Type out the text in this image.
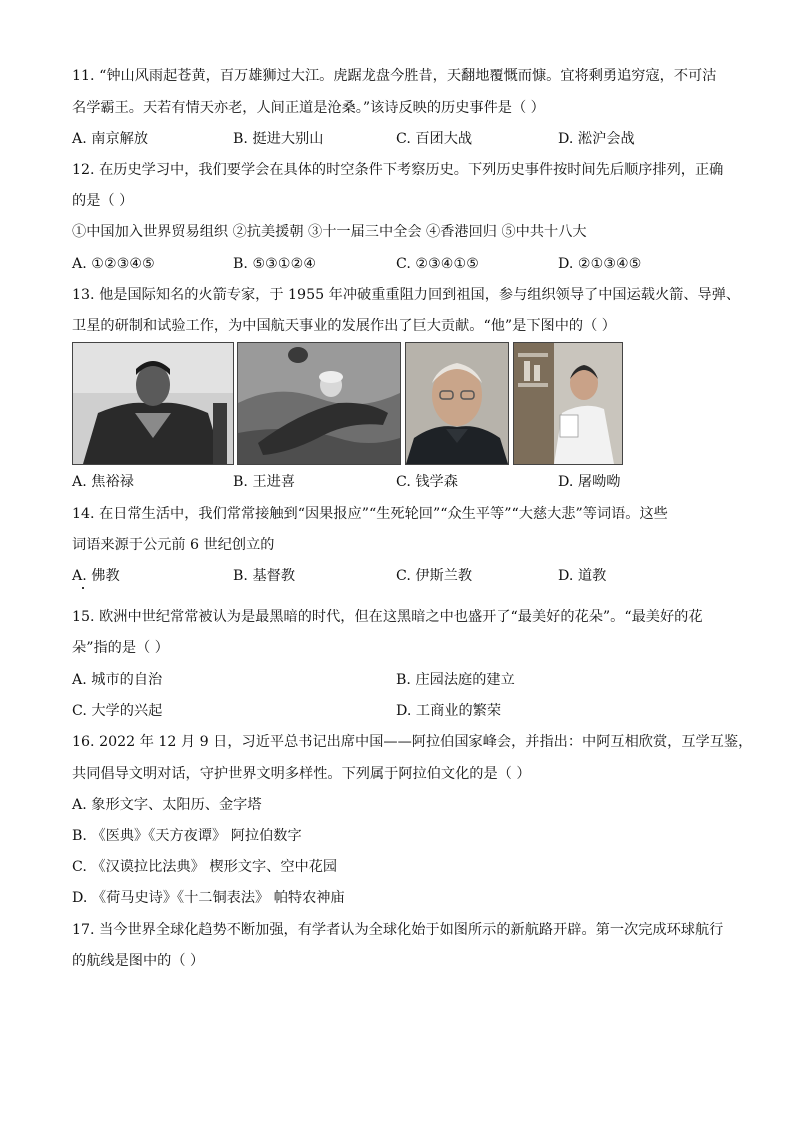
11. “钟山风雨起苍黄，百万雄狮过大江。虎踞龙盘今胜昔，天翻地覆慨而慷。宜将剩勇追穷寇，不可沽
名学霸王。天若有情天亦老，人间正道是沧桑。”该诗反映的历史事件是（ ）
A. 南京解放	B. 挺进大别山	C. 百团大战	D. 淞沪会战
12. 在历史学习中，我们要学会在具体的时空条件下考察历史。下列历史事件按时间先后顺序排列，正确
的是（ ）
①中国加入世界贸易组织 ②抗美援朝 ③十一届三中全会 ④香港回归 ⑤中共十八大
A. ①②③④⑤	B. ⑤③①②④	C. ②③④①⑤	D. ②①③④⑤
13. 他是国际知名的火箭专家，于 1955 年冲破重重阻力回到祖国，参与组织领导了中国运载火箭、导弹、
卫星的研制和试验工作，为中国航天事业的发展作出了巨大贡献。“他”是下图中的（ ）
A. 焦裕禄	B. 王进喜	C. 钱学森	D. 屠呦呦
14. 在日常生活中，我们常常接触到“因果报应”“生死轮回”“众生平等”“大慈大悲”等词语。这些
词语来源于公元前 6 世纪创立的
A. 佛教	B. 基督教	C. 伊斯兰教	D. 道教
15. 欧洲中世纪常常被认为是最黑暗的时代，但在这黑暗之中也盛开了“最美好的花朵”。“最美好的花
朵”指的是（ ）
A. 城市的自治	B. 庄园法庭的建立
C. 大学的兴起	D. 工商业的繁荣
16. 2022 年 12 月 9 日，习近平总书记出席中国——阿拉伯国家峰会，并指出：中阿互相欣赏，互学互鉴，
共同倡导文明对话，守护世界文明多样性。下列属于阿拉伯文化的是（ ）
A. 象形文字、太阳历、金字塔
B. 《医典》《天方夜谭》 阿拉伯数字
C. 《汉谟拉比法典》 楔形文字、空中花园
D. 《荷马史诗》《十二铜表法》 帕特农神庙
17. 当今世界全球化趋势不断加强，有学者认为全球化始于如图所示的新航路开辟。第一次完成环球航行
的航线是图中的（ ）
